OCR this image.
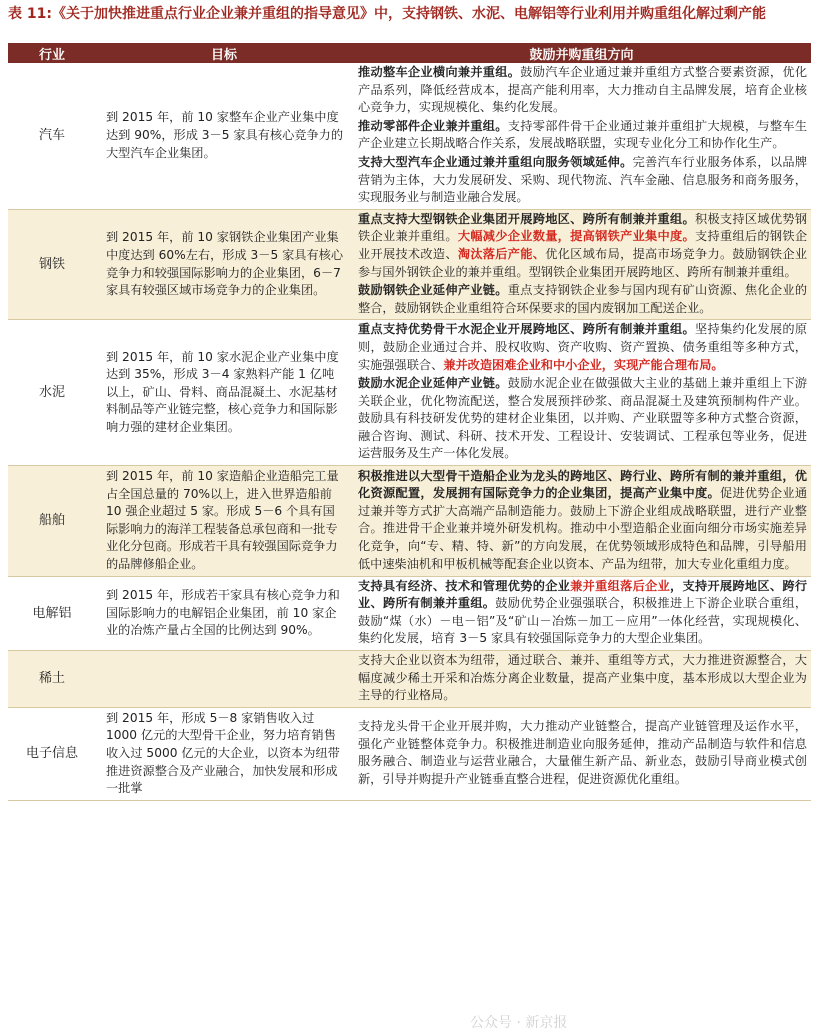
表 11:《关于加快推进重点行业企业兼并重组的指导意见》中，支持钢铁、水泥、电解铝等行业利用并购重组化解过剩产能
行业	目标	鼓励并购重组方向
汽车	到 2015 年，前 10 家整车企业产业集中度达到 90%，形成 3－5 家具有核心竞争力的大型汽车企业集团。	推动整车企业横向兼并重组。鼓励汽车企业通过兼并重组方式整合要素资源，优化产品系列，降低经营成本，提高产能利用率，大力推动自主品牌发展，培育企业核心竞争力，实现规模化、集约化发展。
推动零部件企业兼并重组。支持零部件骨干企业通过兼并重组扩大规模，与整车生产企业建立长期战略合作关系，发展战略联盟，实现专业化分工和协作化生产。
支持大型汽车企业通过兼并重组向服务领域延伸。完善汽车行业服务体系，以品牌营销为主体，大力发展研发、采购、现代物流、汽车金融、信息服务和商务服务，实现服务业与制造业融合发展。

钢铁	到 2015 年，前 10 家钢铁企业集团产业集中度达到 60%左右，形成 3－5 家具有核心竞争力和较强国际影响力的企业集团，6－7 家具有较强区域市场竞争力的企业集团。	重点支持大型钢铁企业集团开展跨地区、跨所有制兼并重组。积极支持区域优势钢铁企业兼并重组。大幅减少企业数量，提高钢铁产业集中度。支持重组后的钢铁企业开展技术改造、淘汰落后产能、优化区域布局，提高市场竞争力。鼓励钢铁企业参与国外钢铁企业的兼并重组。型钢铁企业集团开展跨地区、跨所有制兼并重组。
鼓励钢铁企业延伸产业链。重点支持钢铁企业参与国内现有矿山资源、焦化企业的整合，鼓励钢铁企业重组符合环保要求的国内废钢加工配送企业。

水泥	到 2015 年，前 10 家水泥企业产业集中度达到 35%，形成 3－4 家熟料产能 1 亿吨以上，矿山、骨料、商品混凝土、水泥基材料制品等产业链完整，核心竞争力和国际影响力强的建材企业集团。	重点支持优势骨干水泥企业开展跨地区、跨所有制兼并重组。坚持集约化发展的原则，鼓励企业通过合并、股权收购、资产收购、资产置换、债务重组等多种方式，实施强强联合、兼并改造困难企业和中小企业，实现产能合理布局。
鼓励水泥企业延伸产业链。鼓励水泥企业在做强做大主业的基础上兼并重组上下游关联企业，优化物流配送，整合发展预拌砂浆、商品混凝土及建筑预制构件产业。鼓励具有科技研发优势的建材企业集团，以并购、产业联盟等多种方式整合资源，融合咨询、测试、科研、技术开发、工程设计、安装调试、工程承包等业务，促进运营服务及生产一体化发展。

船舶	到 2015 年，前 10 家造船企业造船完工量占全国总量的 70%以上，进入世界造船前 10 强企业超过 5 家。形成 5－6 个具有国际影响力的海洋工程装备总承包商和一批专业化分包商。形成若干具有较强国际竞争力的品牌修船企业。	积极推进以大型骨干造船企业为龙头的跨地区、跨行业、跨所有制的兼并重组，优化资源配置，发展拥有国际竞争力的企业集团，提高产业集中度。促进优势企业通过兼并等方式扩大高端产品制造能力。鼓励上下游企业组成战略联盟，进行产业整合。推进骨干企业兼并境外研发机构。推动中小型造船企业面向细分市场实施差异化竞争，向“专、精、特、新”的方向发展，在优势领域形成特色和品牌，引导船用低中速柴油机和甲板机械等配套企业以资本、产品为纽带，加大专业化重组力度。

电解铝	到 2015 年，形成若干家具有核心竞争力和国际影响力的电解铝企业集团，前 10 家企业的冶炼产量占全国的比例达到 90%。	支持具有经济、技术和管理优势的企业兼并重组落后企业，支持开展跨地区、跨行业、跨所有制兼并重组。鼓励优势企业强强联合，积极推进上下游企业联合重组，鼓励“煤（水）－电－铝”及“矿山－冶炼－加工－应用”一体化经营，实现规模化、集约化发展，培育 3－5 家具有较强国际竞争力的大型企业集团。

稀土		支持大企业以资本为纽带，通过联合、兼并、重组等方式，大力推进资源整合，大幅度减少稀土开采和冶炼分离企业数量，提高产业集中度，基本形成以大型企业为主导的行业格局。

电子信息	到 2015 年，形成 5－8 家销售收入过 1000 亿元的大型骨干企业，努力培育销售收入过 5000 亿元的大企业，以资本为纽带推进资源整合及产业融合，加快发展和形成一批掌	支持龙头骨干企业开展并购，大力推动产业链整合，提高产业链管理及运作水平，强化产业链整体竞争力。积极推进制造业向服务延伸，推动产品制造与软件和信息服务融合、制造业与运营业融合，大量催生新产品、新业态，鼓励引导商业模式创新，引导并购提升产业链垂直整合进程，促进资源优化重组。
公众号 · 新京报
